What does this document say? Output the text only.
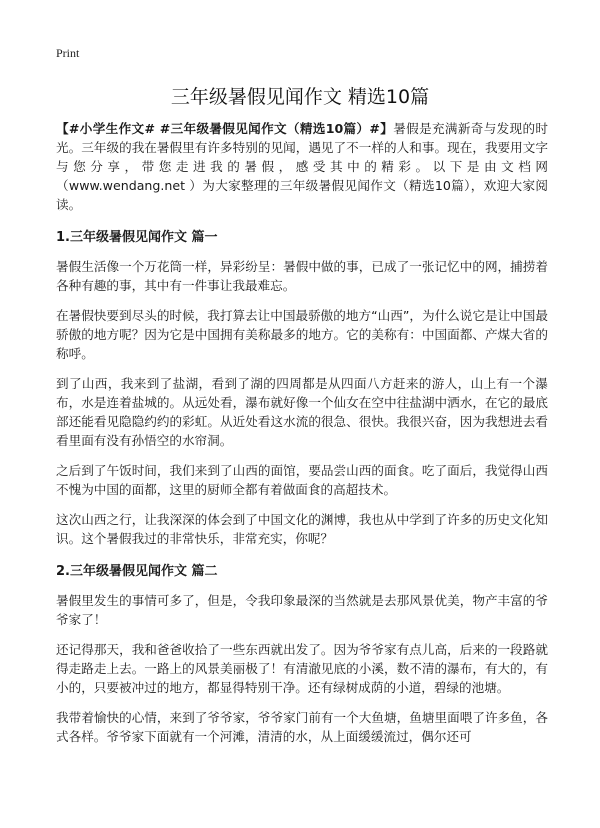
Print
三年级暑假见闻作文 精选10篇

【#小学生作文# #三年级暑假见闻作文（精选10篇）#】暑假是充满新奇与发现的时光。三年级的我在暑假里有许多特别的见闻，遇见了不一样的人和事。现在，我要用文字与您分享，带您走进我的暑假，感受其中的精彩。以下是由文档网（www.wendang.net ）为大家整理的三年级暑假见闻作文（精选10篇），欢迎大家阅读。

1.三年级暑假见闻作文 篇一

暑假生活像一个万花筒一样，异彩纷呈：暑假中做的事，已成了一张记忆中的网，捕捞着各种有趣的事，其中有一件事让我最难忘。

在暑假快要到尽头的时候，我打算去让中国最骄傲的地方“山西”，为什么说它是让中国最骄傲的地方呢？因为它是中国拥有美称最多的地方。它的美称有：中国面都、产煤大省的称呼。

到了山西，我来到了盐湖，看到了湖的四周都是从四面八方赶来的游人，山上有一个瀑布，水是连着盐城的。从远处看，瀑布就好像一个仙女在空中往盐湖中洒水，在它的最底部还能看见隐隐约约的彩虹。从近处看这水流的很急、很快。我很兴奋，因为我想进去看看里面有没有孙悟空的水帘洞。

之后到了午饭时间，我们来到了山西的面馆，要品尝山西的面食。吃了面后，我觉得山西不愧为中国的面都，这里的厨师全都有着做面食的高超技术。

这次山西之行，让我深深的体会到了中国文化的渊博，我也从中学到了许多的历史文化知识。这个暑假我过的非常快乐，非常充实，你呢？

2.三年级暑假见闻作文 篇二

暑假里发生的事情可多了，但是，令我印象最深的当然就是去那风景优美，物产丰富的爷爷家了！

还记得那天，我和爸爸收拾了一些东西就出发了。因为爷爷家有点儿高，后来的一段路就得走路走上去。一路上的风景美丽极了！有清澈见底的小溪，数不清的瀑布，有大的，有小的，只要被冲过的地方，都显得特别干净。还有绿树成荫的小道，碧绿的池塘。

我带着愉快的心情，来到了爷爷家，爷爷家门前有一个大鱼塘，鱼塘里面喂了许多鱼，各式各样。爷爷家下面就有一个河滩，清清的水，从上面缓缓流过，偶尔还可
